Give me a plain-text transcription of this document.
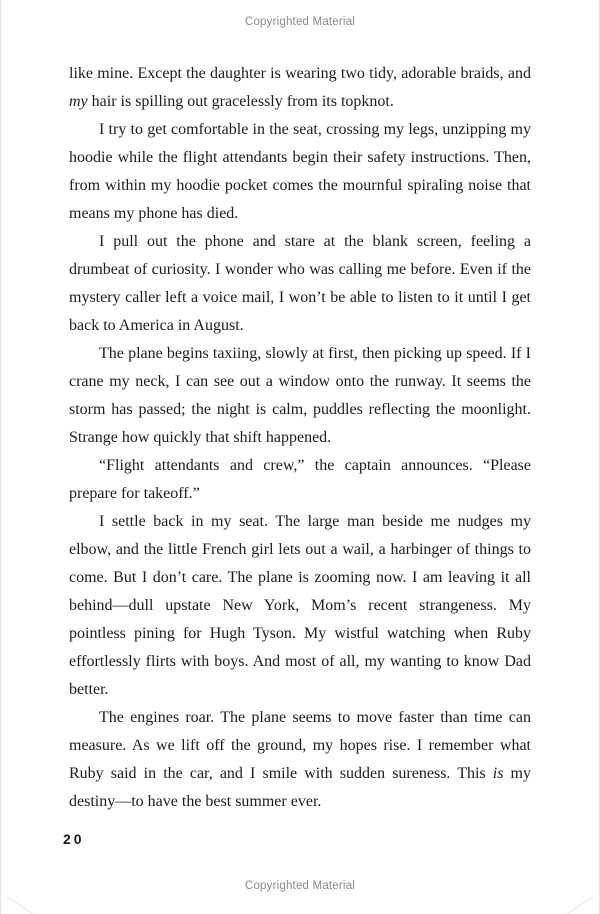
Copyrighted Material

like mine. Except the daughter is wearing two tidy, adorable braids, and my hair is spilling out gracelessly from its topknot.

I try to get comfortable in the seat, crossing my legs, unzipping my hoodie while the flight attendants begin their safety instructions. Then, from within my hoodie pocket comes the mournful spiraling noise that means my phone has died.

I pull out the phone and stare at the blank screen, feeling a drumbeat of curiosity. I wonder who was calling me before. Even if the mystery caller left a voice mail, I won’t be able to listen to it until I get back to America in August.

The plane begins taxiing, slowly at first, then picking up speed. If I crane my neck, I can see out a window onto the runway. It seems the storm has passed; the night is calm, puddles reflecting the moonlight. Strange how quickly that shift happened.

“Flight attendants and crew,” the captain announces. “Please prepare for takeoff.”

I settle back in my seat. The large man beside me nudges my elbow, and the little French girl lets out a wail, a harbinger of things to come. But I don’t care. The plane is zooming now. I am leaving it all behind—dull upstate New York, Mom’s recent strangeness. My pointless pining for Hugh Tyson. My wistful watching when Ruby effortlessly flirts with boys. And most of all, my wanting to know Dad better.

The engines roar. The plane seems to move faster than time can measure. As we lift off the ground, my hopes rise. I remember what Ruby said in the car, and I smile with sudden sureness. This is my destiny—to have the best summer ever.

20
Copyrighted Material
